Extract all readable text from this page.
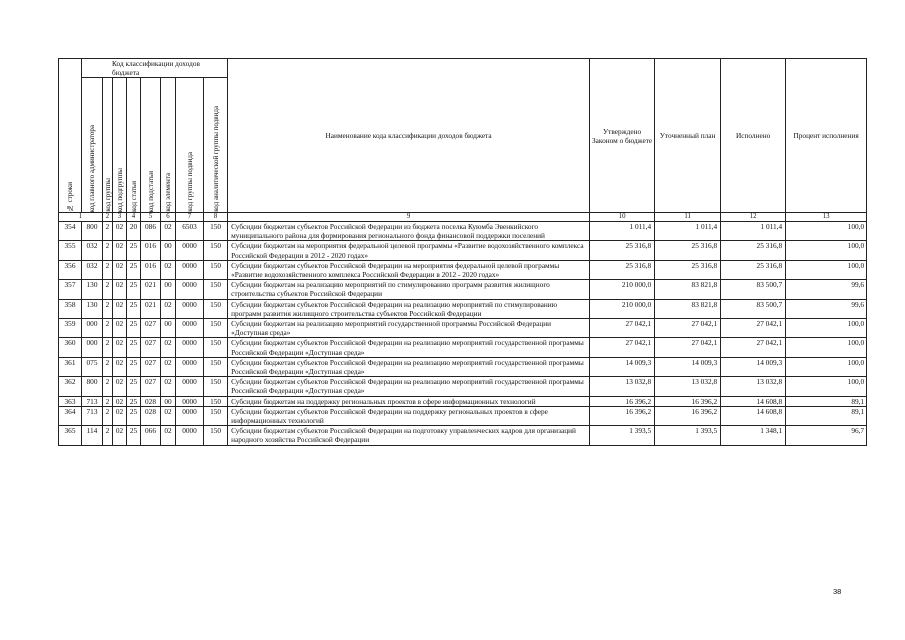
№ строки	Код классификации доходов бюджета								Наименование кода классификации доходов бюджета	Утверждено Законом о бюджете	Уточненный план	Исполнено	Процент исполнения

	код главного администратора	код группы	код подгруппы	код статьи	код подстатьи	код элемента	код группы подвида	код аналитической группы подвида					

1		2	3	4	5	6	7	8	9	10	11	12	13
354	800	2	02	20	086	02	6503	150	Субсидии бюджетам субъектов Российской Федерации из бюджета поселка Куюмба Эвенкийского муниципального района для формирования регионального фонда финансовой поддержки поселений	1 011,4	1 011,4	1 011,4	100,0
355	032	2	02	25	016	00	0000	150	Субсидии бюджетам на мероприятия федеральной целевой программы «Развитие водохозяйственного комплекса Российской Федерации в 2012 - 2020 годах»	25 316,8	25 316,8	25 316,8	100,0
356	032	2	02	25	016	02	0000	150	Субсидии бюджетам субъектов Российской Федерации на мероприятия федеральной целевой программы «Развитие водохозяйственного комплекса Российской Федерации в 2012 - 2020 годах»	25 316,8	25 316,8	25 316,8	100,0
357	130	2	02	25	021	00	0000	150	Субсидии бюджетам на реализацию мероприятий по стимулированию программ развития жилищного строительства субъектов Российской Федерации	210 000,0	83 821,8	83 500,7	99,6
358	130	2	02	25	021	02	0000	150	Субсидии бюджетам субъектов Российской Федерации на реализацию мероприятий по стимулированию программ развития жилищного строительства субъектов Российской Федерации	210 000,0	83 821,8	83 500,7	99,6
359	000	2	02	25	027	00	0000	150	Субсидии бюджетам на реализацию мероприятий государственной программы Российской Федерации «Доступная среда»	27 042,1	27 042,1	27 042,1	100,0
360	000	2	02	25	027	02	0000	150	Субсидии бюджетам субъектов Российской Федерации на реализацию мероприятий государственной программы Российской Федерации «Доступная среда»	27 042,1	27 042,1	27 042,1	100,0
361	075	2	02	25	027	02	0000	150	Субсидии бюджетам субъектов Российской Федерации на реализацию мероприятий государственной программы Российской Федерации «Доступная среда»	14 009,3	14 009,3	14 009,3	100,0
362	800	2	02	25	027	02	0000	150	Субсидии бюджетам субъектов Российской Федерации на реализацию мероприятий государственной программы Российской Федерации «Доступная среда»	13 032,8	13 032,8	13 032,8	100,0
363	713	2	02	25	028	00	0000	150	Субсидии бюджетам на поддержку региональных проектов в сфере информационных технологий	16 396,2	16 396,2	14 608,8	89,1
364	713	2	02	25	028	02	0000	150	Субсидии бюджетам субъектов Российской Федерации на поддержку региональных проектов в сфере информационных технологий	16 396,2	16 396,2	14 608,8	89,1
365	114	2	02	25	066	02	0000	150	Субсидии бюджетам субъектов Российской Федерации на подготовку управленческих кадров для организаций народного хозяйства Российской Федерации	1 393,5	1 393,5	1 348,1	96,7
38
